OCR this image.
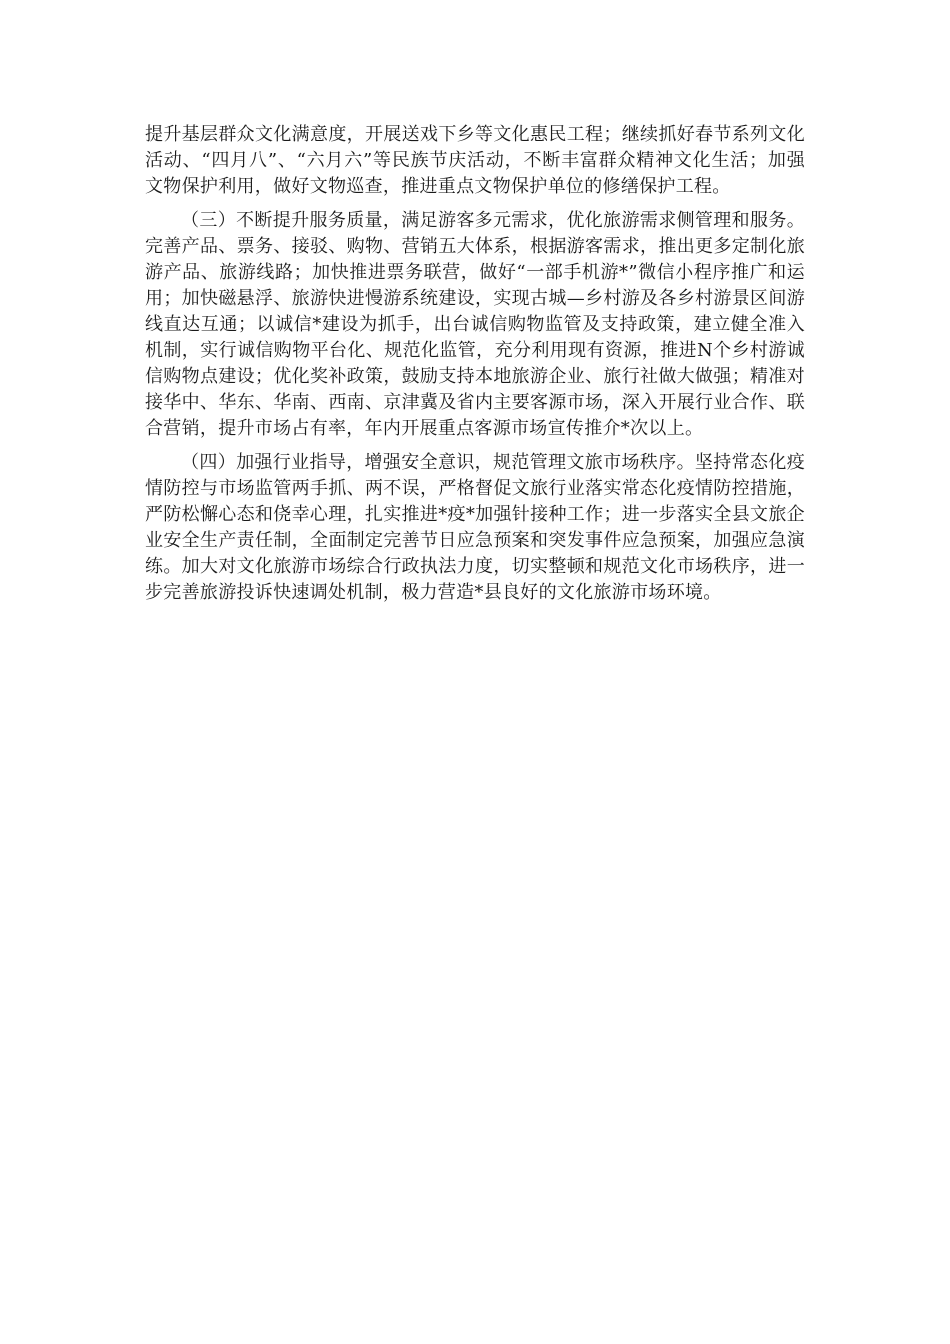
提升基层群众文化满意度，开展送戏下乡等文化惠民工程；继续抓好春节系列文化活动、“四月八”、“六月六”等民族节庆活动，不断丰富群众精神文化生活；加强文物保护利用，做好文物巡查，推进重点文物保护单位的修缮保护工程。

（三）不断提升服务质量，满足游客多元需求，优化旅游需求侧管理和服务。完善产品、票务、接驳、购物、营销五大体系，根据游客需求，推出更多定制化旅游产品、旅游线路；加快推进票务联营，做好“一部手机游*”微信小程序推广和运用；加快磁悬浮、旅游快进慢游系统建设，实现古城—乡村游及各乡村游景区间游线直达互通；以诚信*建设为抓手，出台诚信购物监管及支持政策，建立健全准入机制，实行诚信购物平台化、规范化监管，充分利用现有资源，推进N个乡村游诚信购物点建设；优化奖补政策，鼓励支持本地旅游企业、旅行社做大做强；精准对接华中、华东、华南、西南、京津冀及省内主要客源市场，深入开展行业合作、联合营销，提升市场占有率，年内开展重点客源市场宣传推介*次以上。

（四）加强行业指导，增强安全意识，规范管理文旅市场秩序。坚持常态化疫情防控与市场监管两手抓、两不误，严格督促文旅行业落实常态化疫情防控措施，严防松懈心态和侥幸心理，扎实推进*疫*加强针接种工作；进一步落实全县文旅企业安全生产责任制，全面制定完善节日应急预案和突发事件应急预案，加强应急演练。加大对文化旅游市场综合行政执法力度，切实整顿和规范文化市场秩序，进一步完善旅游投诉快速调处机制，极力营造*县良好的文化旅游市场环境。
